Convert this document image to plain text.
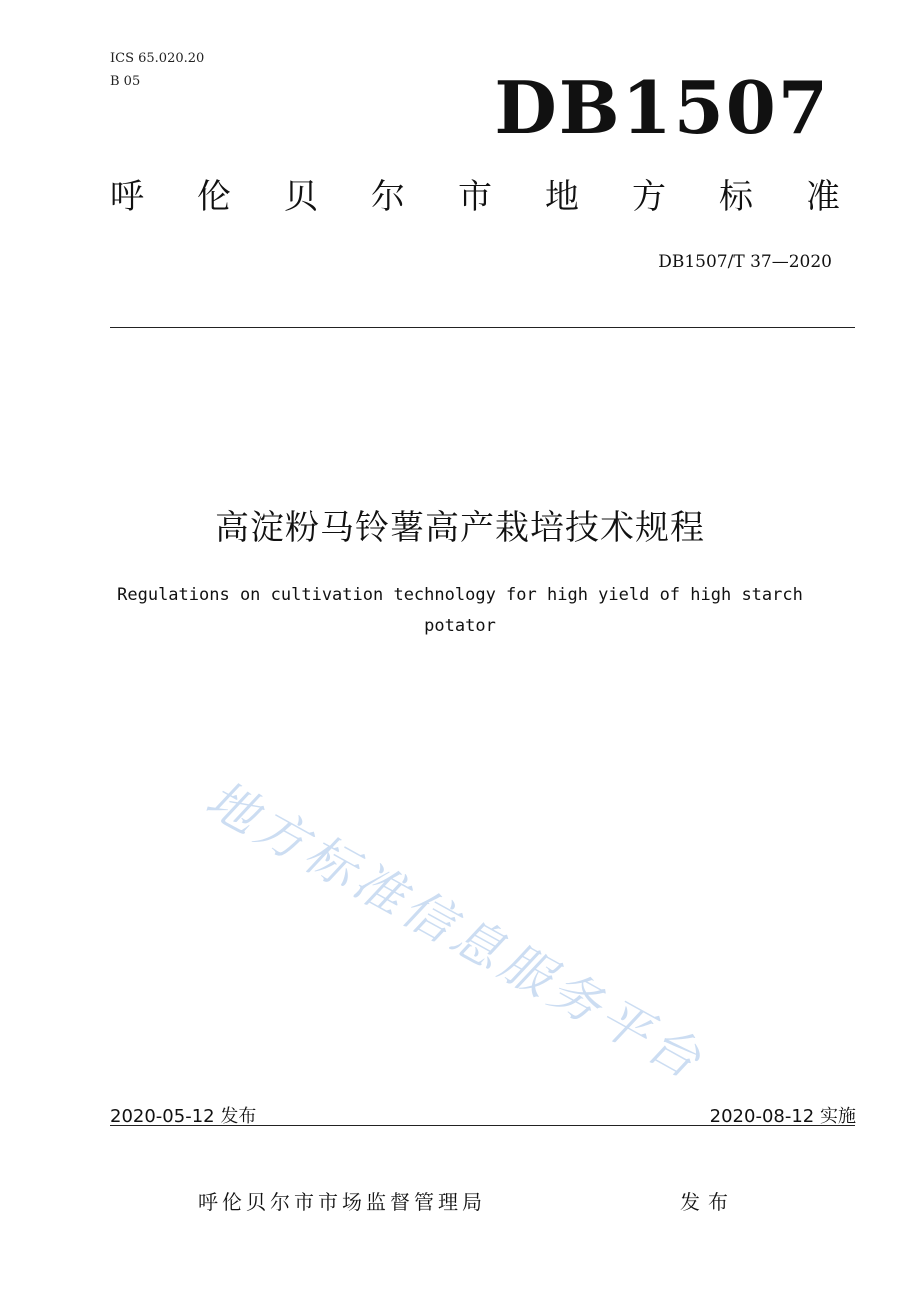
ICS 65.020.20
B 05	DB1507
呼 伦 贝 尔 市 地 方 标 准
DB1507/T 37—2020
高淀粉马铃薯高产栽培技术规程
Regulations on cultivation technology for high yield of high starch potator
地方标准信息服务平台
2020-05-12 发布	2020-08-12 实施
呼伦贝尔市市场监督管理局	发布
